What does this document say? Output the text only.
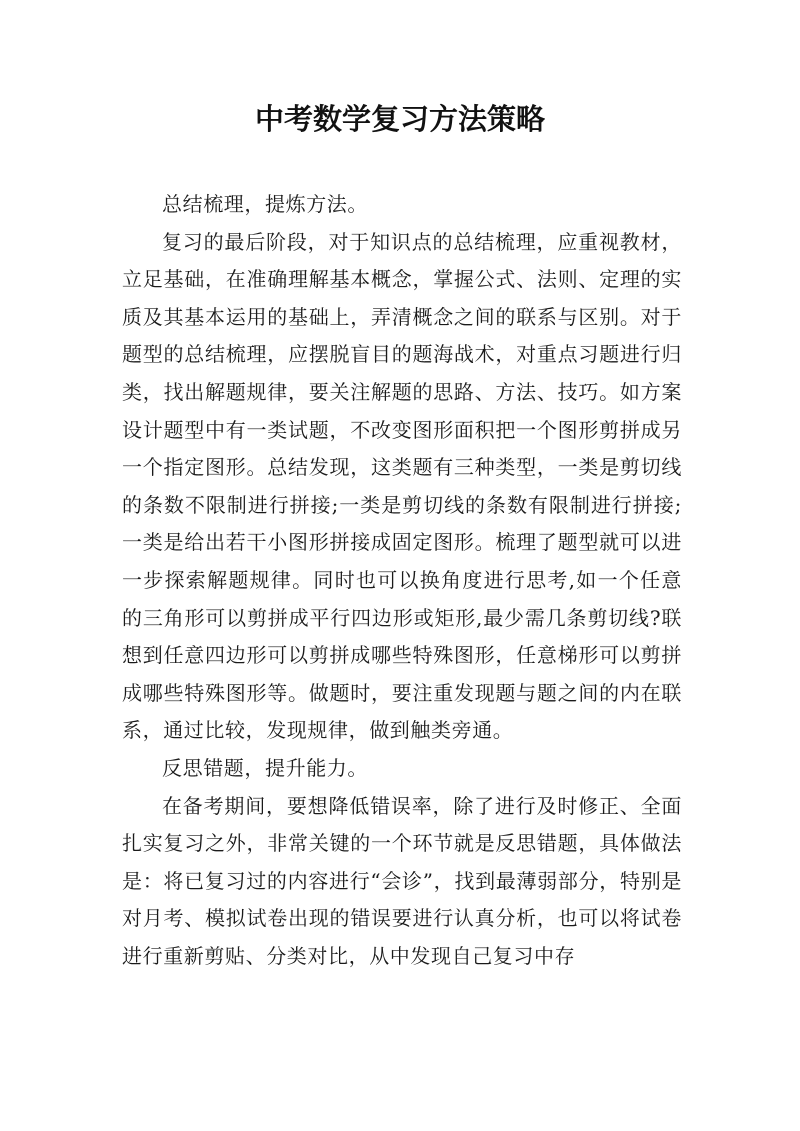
中考数学复习方法策略

总结梳理，提炼方法。

复习的最后阶段，对于知识点的总结梳理，应重视教材，立足基础，在准确理解基本概念，掌握公式、法则、定理的实质及其基本运用的基础上，弄清概念之间的联系与区别。对于题型的总结梳理，应摆脱盲目的题海战术，对重点习题进行归类，找出解题规律，要关注解题的思路、方法、技巧。如方案设计题型中有一类试题，不改变图形面积把一个图形剪拼成另一个指定图形。总结发现，这类题有三种类型，一类是剪切线的条数不限制进行拼接;一类是剪切线的条数有限制进行拼接;一类是给出若干小图形拼接成固定图形。梳理了题型就可以进一步探索解题规律。同时也可以换角度进行思考,如一个任意的三角形可以剪拼成平行四边形或矩形,最少需几条剪切线?联想到任意四边形可以剪拼成哪些特殊图形，任意梯形可以剪拼成哪些特殊图形等。做题时，要注重发现题与题之间的内在联系，通过比较，发现规律，做到触类旁通。

反思错题，提升能力。

在备考期间，要想降低错误率，除了进行及时修正、全面扎实复习之外，非常关键的一个环节就是反思错题，具体做法是：将已复习过的内容进行“会诊”，找到最薄弱部分，特别是对月考、模拟试卷出现的错误要进行认真分析，也可以将试卷进行重新剪贴、分类对比，从中发现自己复习中存
